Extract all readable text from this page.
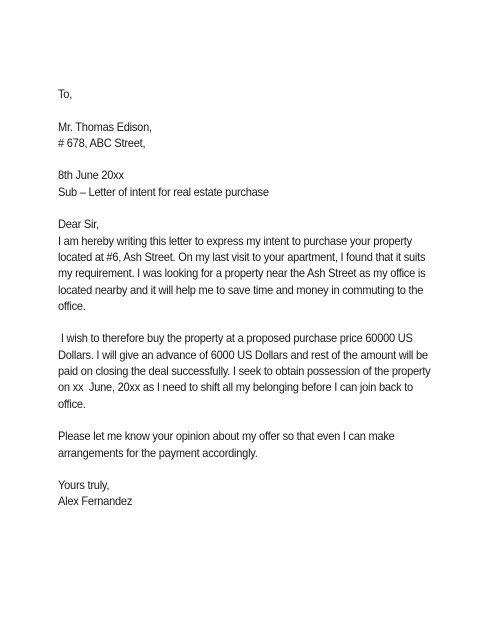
To,
Mr. Thomas Edison,
# 678, ABC Street,
8th June 20xx
Sub – Letter of intent for real estate purchase
Dear Sir,
I am hereby writing this letter to express my intent to purchase your property
located at #6, Ash Street. On my last visit to your apartment, I found that it suits
my requirement. I was looking for a property near the Ash Street as my office is
located nearby and it will help me to save time and money in commuting to the
office.
I wish to therefore buy the property at a proposed purchase price 60000 US
Dollars. I will give an advance of 6000 US Dollars and rest of the amount will be
paid on closing the deal successfully. I seek to obtain possession of the property
on xx  June, 20xx as I need to shift all my belonging before I can join back to
office.
Please let me know your opinion about my offer so that even I can make
arrangements for the payment accordingly.
Yours truly,
Alex Fernandez
